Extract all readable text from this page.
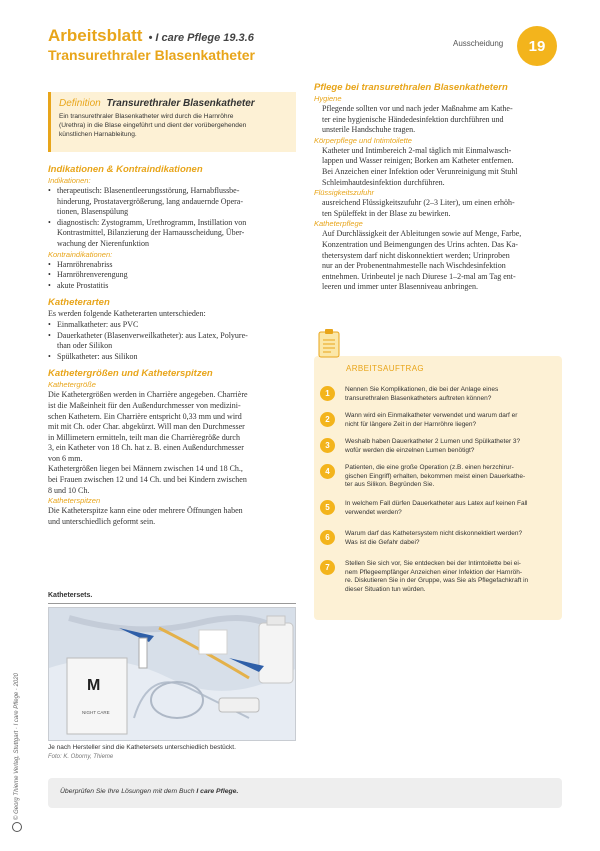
Arbeitsblatt • I care Pflege 19.3.6
Transurethraler Blasenkatheter
Ausscheidung	19
© Georg Thieme Verlag, Stuttgart · I care Pflege · 2020
Definition Transurethraler Blasenkatheter
Ein transurethraler Blasenkatheter wird durch die Harnröhre
(Urethra) in die Blase eingeführt und dient der vorübergehenden
künstlichen Harnableitung.
Indikationen & Kontraindikationen
Indikationen:
• therapeutisch: Blasenentleerungsstörung, Harnabflussbe-
hinderung, Prostatavergrößerung, lang andauernde Opera-
tionen, Blasenspülung
• diagnostisch: Zystogramm, Urethrogramm, Instillation von
Kontrastmittel, Bilanzierung der Harnausscheidung, Über-
wachung der Nierenfunktion
Kontraindikationen:
• Harnröhrenabriss
• Harnröhrenverengung
• akute Prostatitis
Katheterarten
Es werden folgende Katheterarten unterschieden:
• Einmalkatheter: aus PVC
• Dauerkatheter (Blasenverweilkatheter): aus Latex, Polyure-
than oder Silikon
• Spülkatheter: aus Silikon
Kathetergrößen und Katheterspitzen
Kathetergröße
Die Kathetergrößen werden in Charrière angegeben. Charrière
ist die Maßeinheit für den Außendurchmesser von medizini-
schen Kathetern. Ein Charrière entspricht 0,33 mm und wird
mit mit Ch. oder Char. abgekürzt. Will man den Durchmesser
in Millimetern ermitteln, teilt man die Charrièregröße durch
3, ein Katheter von 18 Ch. hat z. B. einen Außendurchmesser
von 6 mm.
Kathetergrößen liegen bei Männern zwischen 14 und 18 Ch.,
bei Frauen zwischen 12 und 14 Ch. und bei Kindern zwischen
8 und 10 Ch.
Katheterspitzen
Die Katheterspitze kann eine oder mehrere Öffnungen haben
und unterschiedlich geformt sein.
Kathetersets.
M
NIGHT CARE
Je nach Hersteller sind die Kathetersets unterschiedlich bestückt.
Foto: K. Oborny, Thieme
Pflege bei transurethralen Blasenkathetern
Hygiene
Pflegende sollten vor und nach jeder Maßnahme am Kathe-
ter eine hygienische Händedesinfektion durchführen und
unsterile Handschuhe tragen.
Körperpflege und Intimtoilette
Katheter und Intimbereich 2-mal täglich mit Einmalwasch-
lappen und Wasser reinigen; Borken am Katheter entfernen.
Bei Anzeichen einer Infektion oder Verunreinigung mit Stuhl
Schleimhautdesinfektion durchführen.
Flüssigkeitszufuhr
ausreichend Flüssigkeitszufuhr (2–3 Liter), um einen erhöh-
ten Spüleffekt in der Blase zu bewirken.
Katheterpflege
Auf Durchlässigkeit der Ableitungen sowie auf Menge, Farbe,
Konzentration und Beimengungen des Urins achten. Das Ka-
thetersystem darf nicht diskonnektiert werden; Urinproben
nur an der Probenentnahmestelle nach Wischdesinfektion
entnehmen. Urinbeutel je nach Diurese 1–2-mal am Tag ent-
leeren und immer unter Blasenniveau anbringen.
ARBEITSAUFTRAG
1	Nennen Sie Komplikationen, die bei der Anlage eines
transurethralen Blasenkatheters auftreten können?
2	Wann wird ein Einmalkatheter verwendet und warum darf er
nicht für längere Zeit in der Harnröhre liegen?
3	Weshalb haben Dauerkatheter 2 Lumen und Spülkatheter 3?
wofür werden die einzelnen Lumen benötigt?
4	Patienten, die eine große Operation (z.B. einen herzchirur-
gischen Eingriff) erhalten, bekommen meist einen Dauerkathe-
ter aus Silikon. Begründen Sie.
5	In welchem Fall dürfen Dauerkatheter aus Latex auf keinen Fall
verwendet werden?
6	Warum darf das Kathetersystem nicht diskonnektiert werden?
Was ist die Gefahr dabei?
7	Stellen Sie sich vor, Sie entdecken bei der Intimtoilette bei ei-
nem Pflegeempfänger Anzeichen einer Infektion der Harnröh-
re. Diskutieren Sie in der Gruppe, was Sie als Pflegefachkraft in
dieser Situation tun würden.
Überprüfen Sie Ihre Lösungen mit dem Buch I care Pflege.
